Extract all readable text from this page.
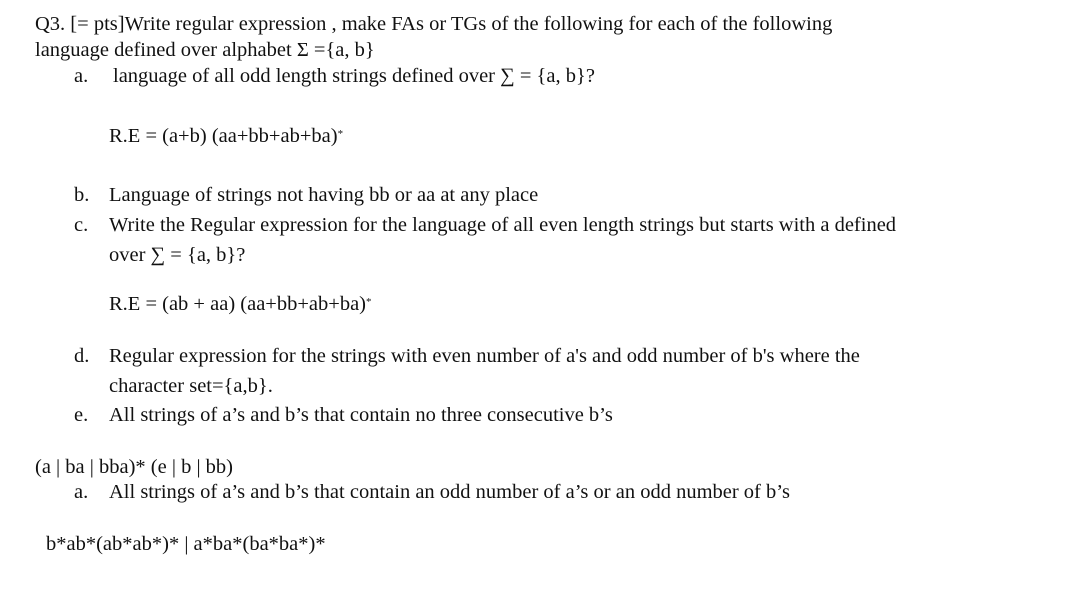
Q3. [= pts]Write regular expression , make FAs or TGs of the following for each of the following
language defined over alphabet Σ ={a, b}
a. language of all odd length strings defined over ∑ = {a, b}?
R.E = (a+b) (aa+bb+ab+ba)*
b. Language of strings not having bb or aa at any place
c. Write the Regular expression for the language of all even length strings but starts with a defined
over ∑ = {a, b}?
R.E = (ab + aa) (aa+bb+ab+ba)*
d. Regular expression for the strings with even number of a's and odd number of b's where the
character set={a,b}.
e. All strings of a’s and b’s that contain no three consecutive b’s
(a | ba | bba)* (e | b | bb)
a. All strings of a’s and b’s that contain an odd number of a’s or an odd number of b’s
b*ab*(ab*ab*)* | a*ba*(ba*ba*)*
